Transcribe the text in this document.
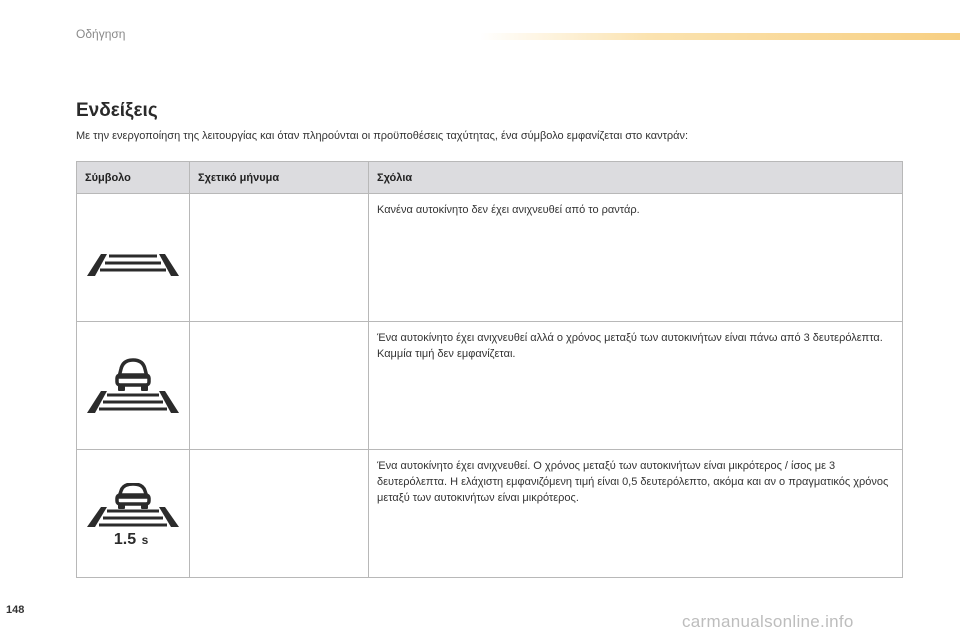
Οδήγηση
Ενδείξεις
Με την ενεργοποίηση της λειτουργίας και όταν πληρούνται οι προϋποθέσεις ταχύτητας, ένα σύμβολο εμφανίζεται στο καντράν:
Σύμβολο	Σχετικό μήνυμα	Σχόλια

		Κανένα αυτοκίνητο δεν έχει ανιχνευθεί από το ραντάρ.

		Ένα αυτοκίνητο έχει ανιχνευθεί αλλά ο χρόνος μεταξύ των αυτοκινήτων είναι πάνω από 3 δευτερόλεπτα. Καμμία τιμή δεν εμφανίζεται.

1.5 s		Ένα αυτοκίνητο έχει ανιχνευθεί. Ο χρόνος μεταξύ των αυτοκινήτων είναι μικρότερος / ίσος με 3 δευτερόλεπτα. Η ελάχιστη εμφανιζόμενη τιμή είναι 0,5 δευτερόλεπτο, ακόμα και αν ο πραγματικός χρόνος μεταξύ των αυτοκινήτων είναι μικρότερος.
148
carmanualsonline.info
